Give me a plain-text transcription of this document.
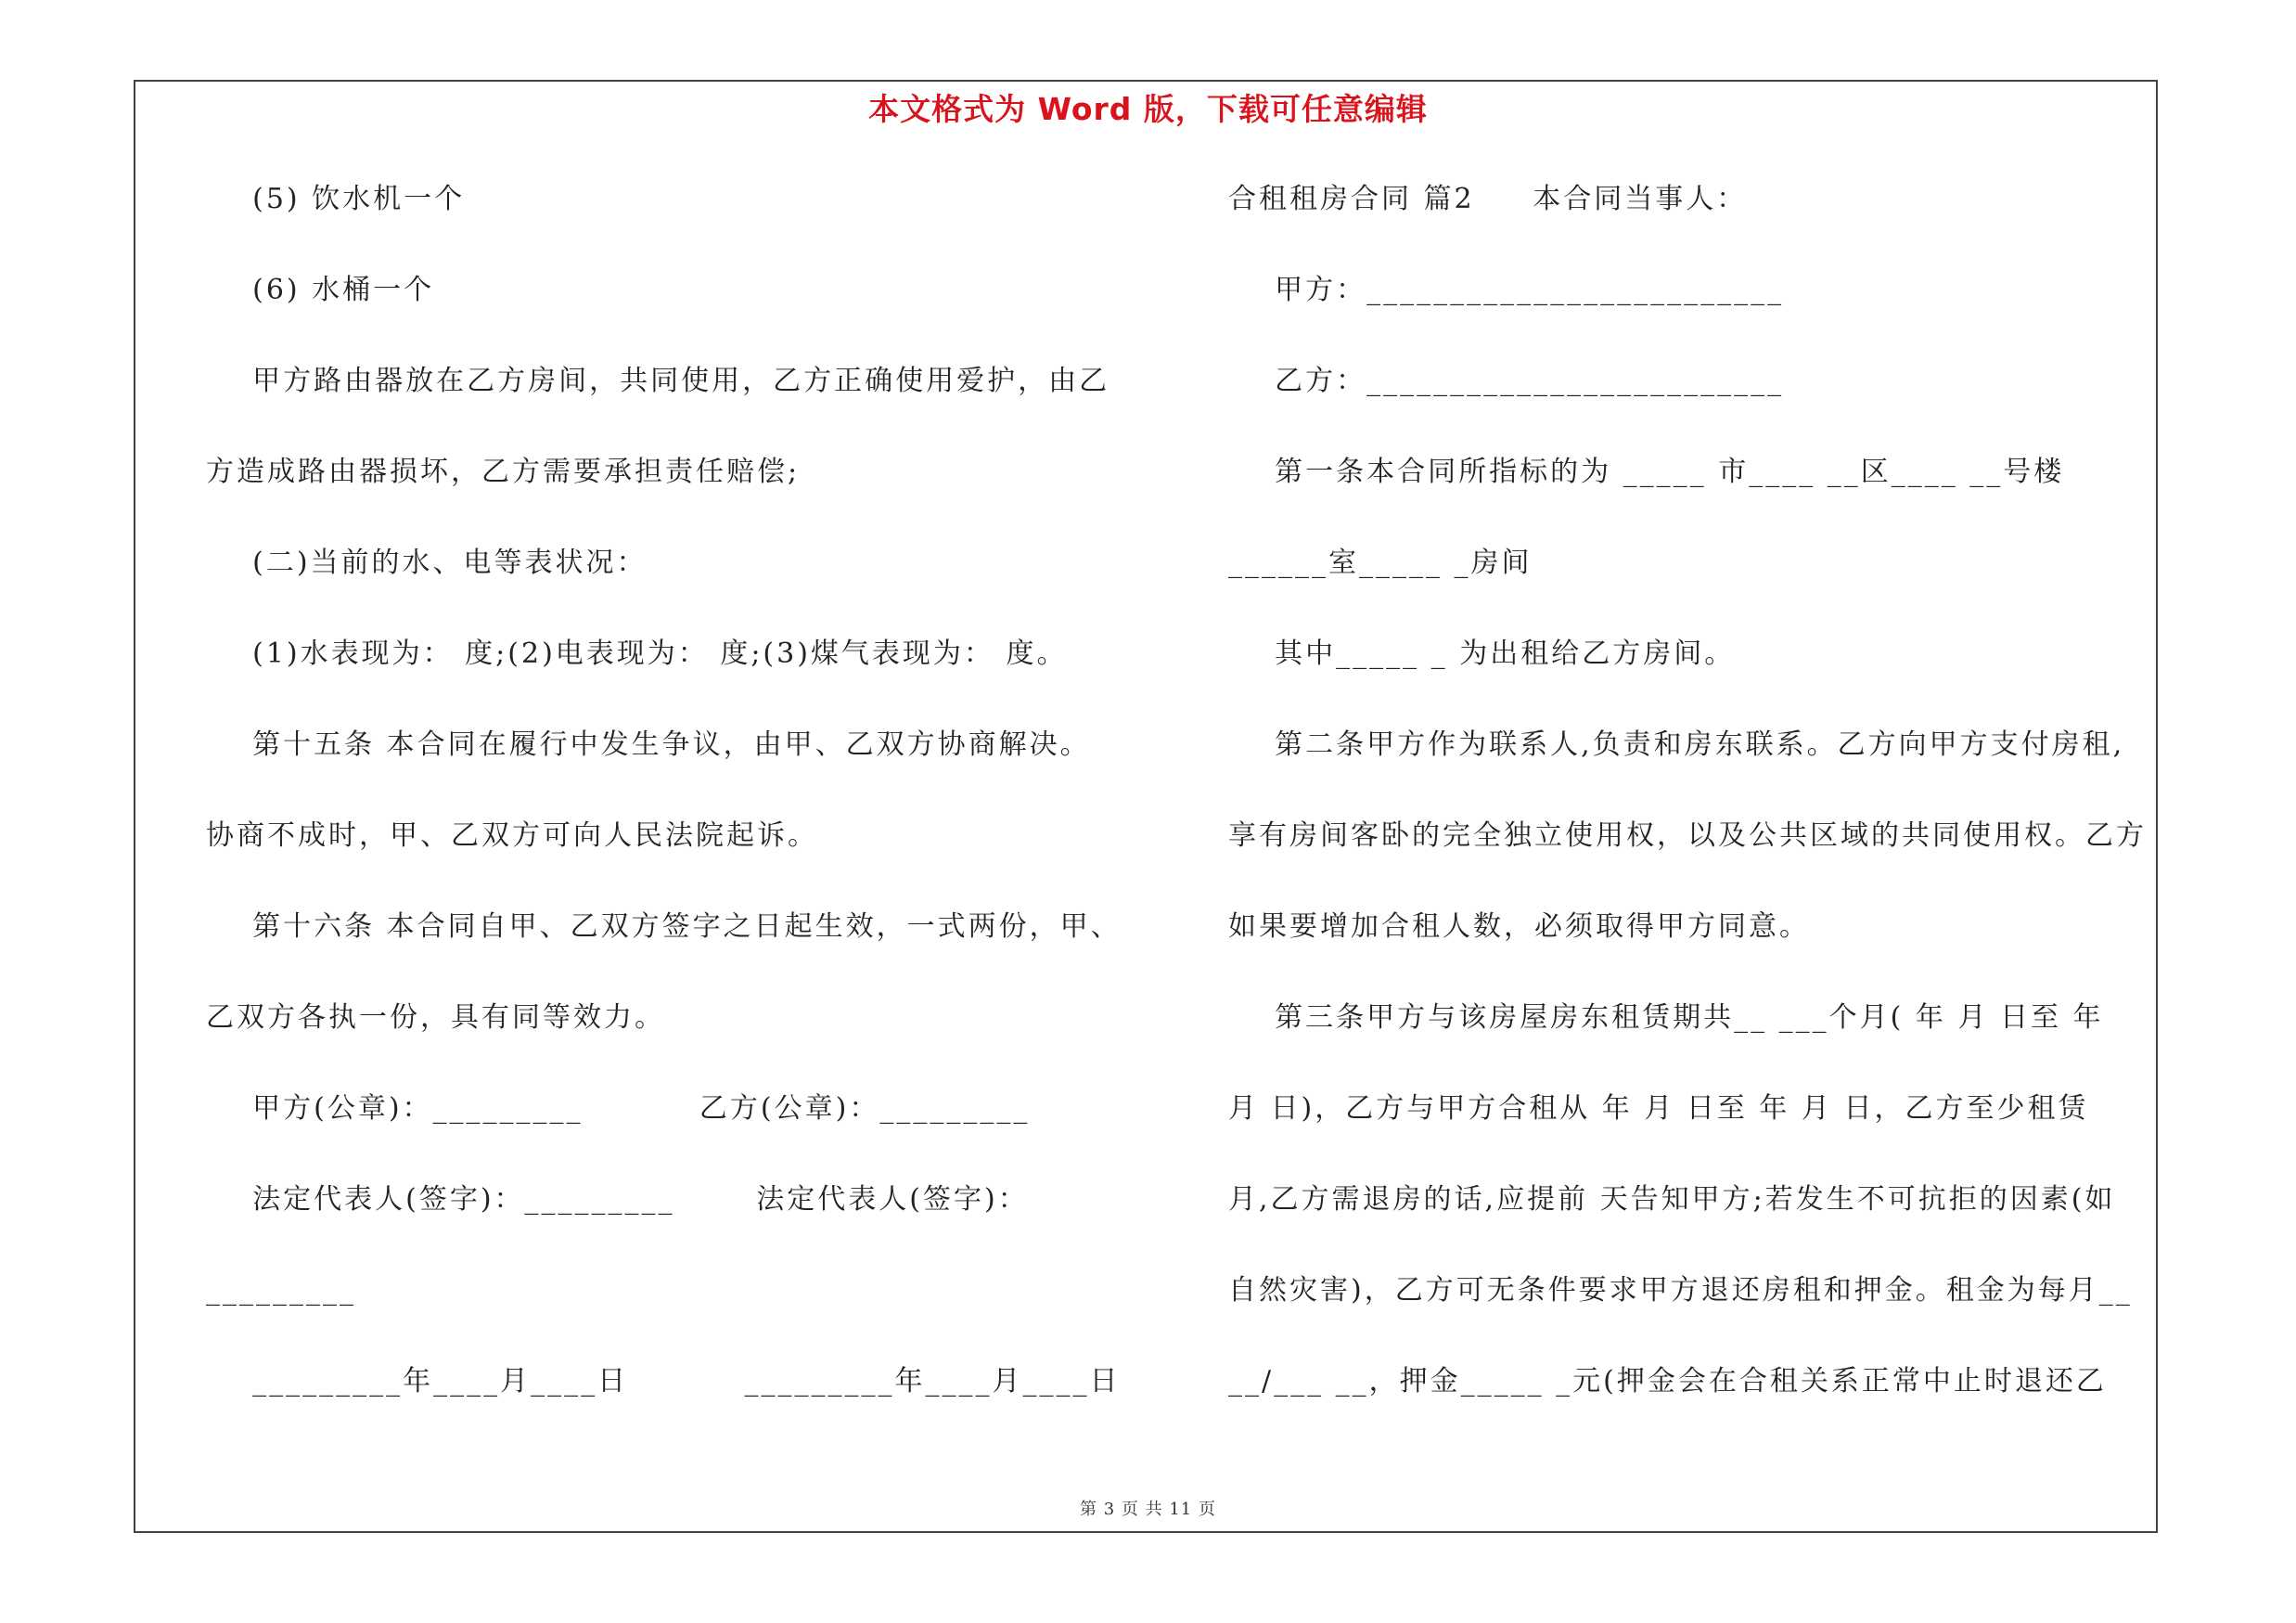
本文格式为 Word 版，下载可任意编辑
(5) 饮水机一个
(6) 水桶一个
甲方路由器放在乙方房间，共同使用，乙方正确使用爱护，由乙
方造成路由器损坏，乙方需要承担责任赔偿;
(二)当前的水、电等表状况：
(1)水表现为： 度;(2)电表现为： 度;(3)煤气表现为： 度。
第十五条 本合同在履行中发生争议，由甲、乙双方协商解决。
协商不成时，甲、乙双方可向人民法院起诉。
第十六条 本合同自甲、乙双方签字之日起生效，一式两份，甲、
乙双方各执一份，具有同等效力。
甲方(公章)：_________          乙方(公章)：_________
法定代表人(签字)：_________       法定代表人(签字)：
_________
_________年____月____日          _________年____月____日
合租租房合同 篇2     本合同当事人：
甲方：_________________________
乙方：_________________________
第一条本合同所指标的为 _____ 市____ __区____ __号楼
______室_____ _房间
其中_____ _ 为出租给乙方房间。
第二条甲方作为联系人,负责和房东联系。乙方向甲方支付房租,
享有房间客卧的完全独立使用权，以及公共区域的共同使用权。乙方
如果要增加合租人数，必须取得甲方同意。
第三条甲方与该房屋房东租赁期共__ ___个月( 年 月 日至 年
月 日)，乙方与甲方合租从 年 月 日至 年 月 日，乙方至少租赁
月,乙方需退房的话,应提前 天告知甲方;若发生不可抗拒的因素(如
自然灾害)，乙方可无条件要求甲方退还房租和押金。租金为每月__
__/___ __，押金_____ _元(押金会在合租关系正常中止时退还乙
第 3 页 共 11 页
